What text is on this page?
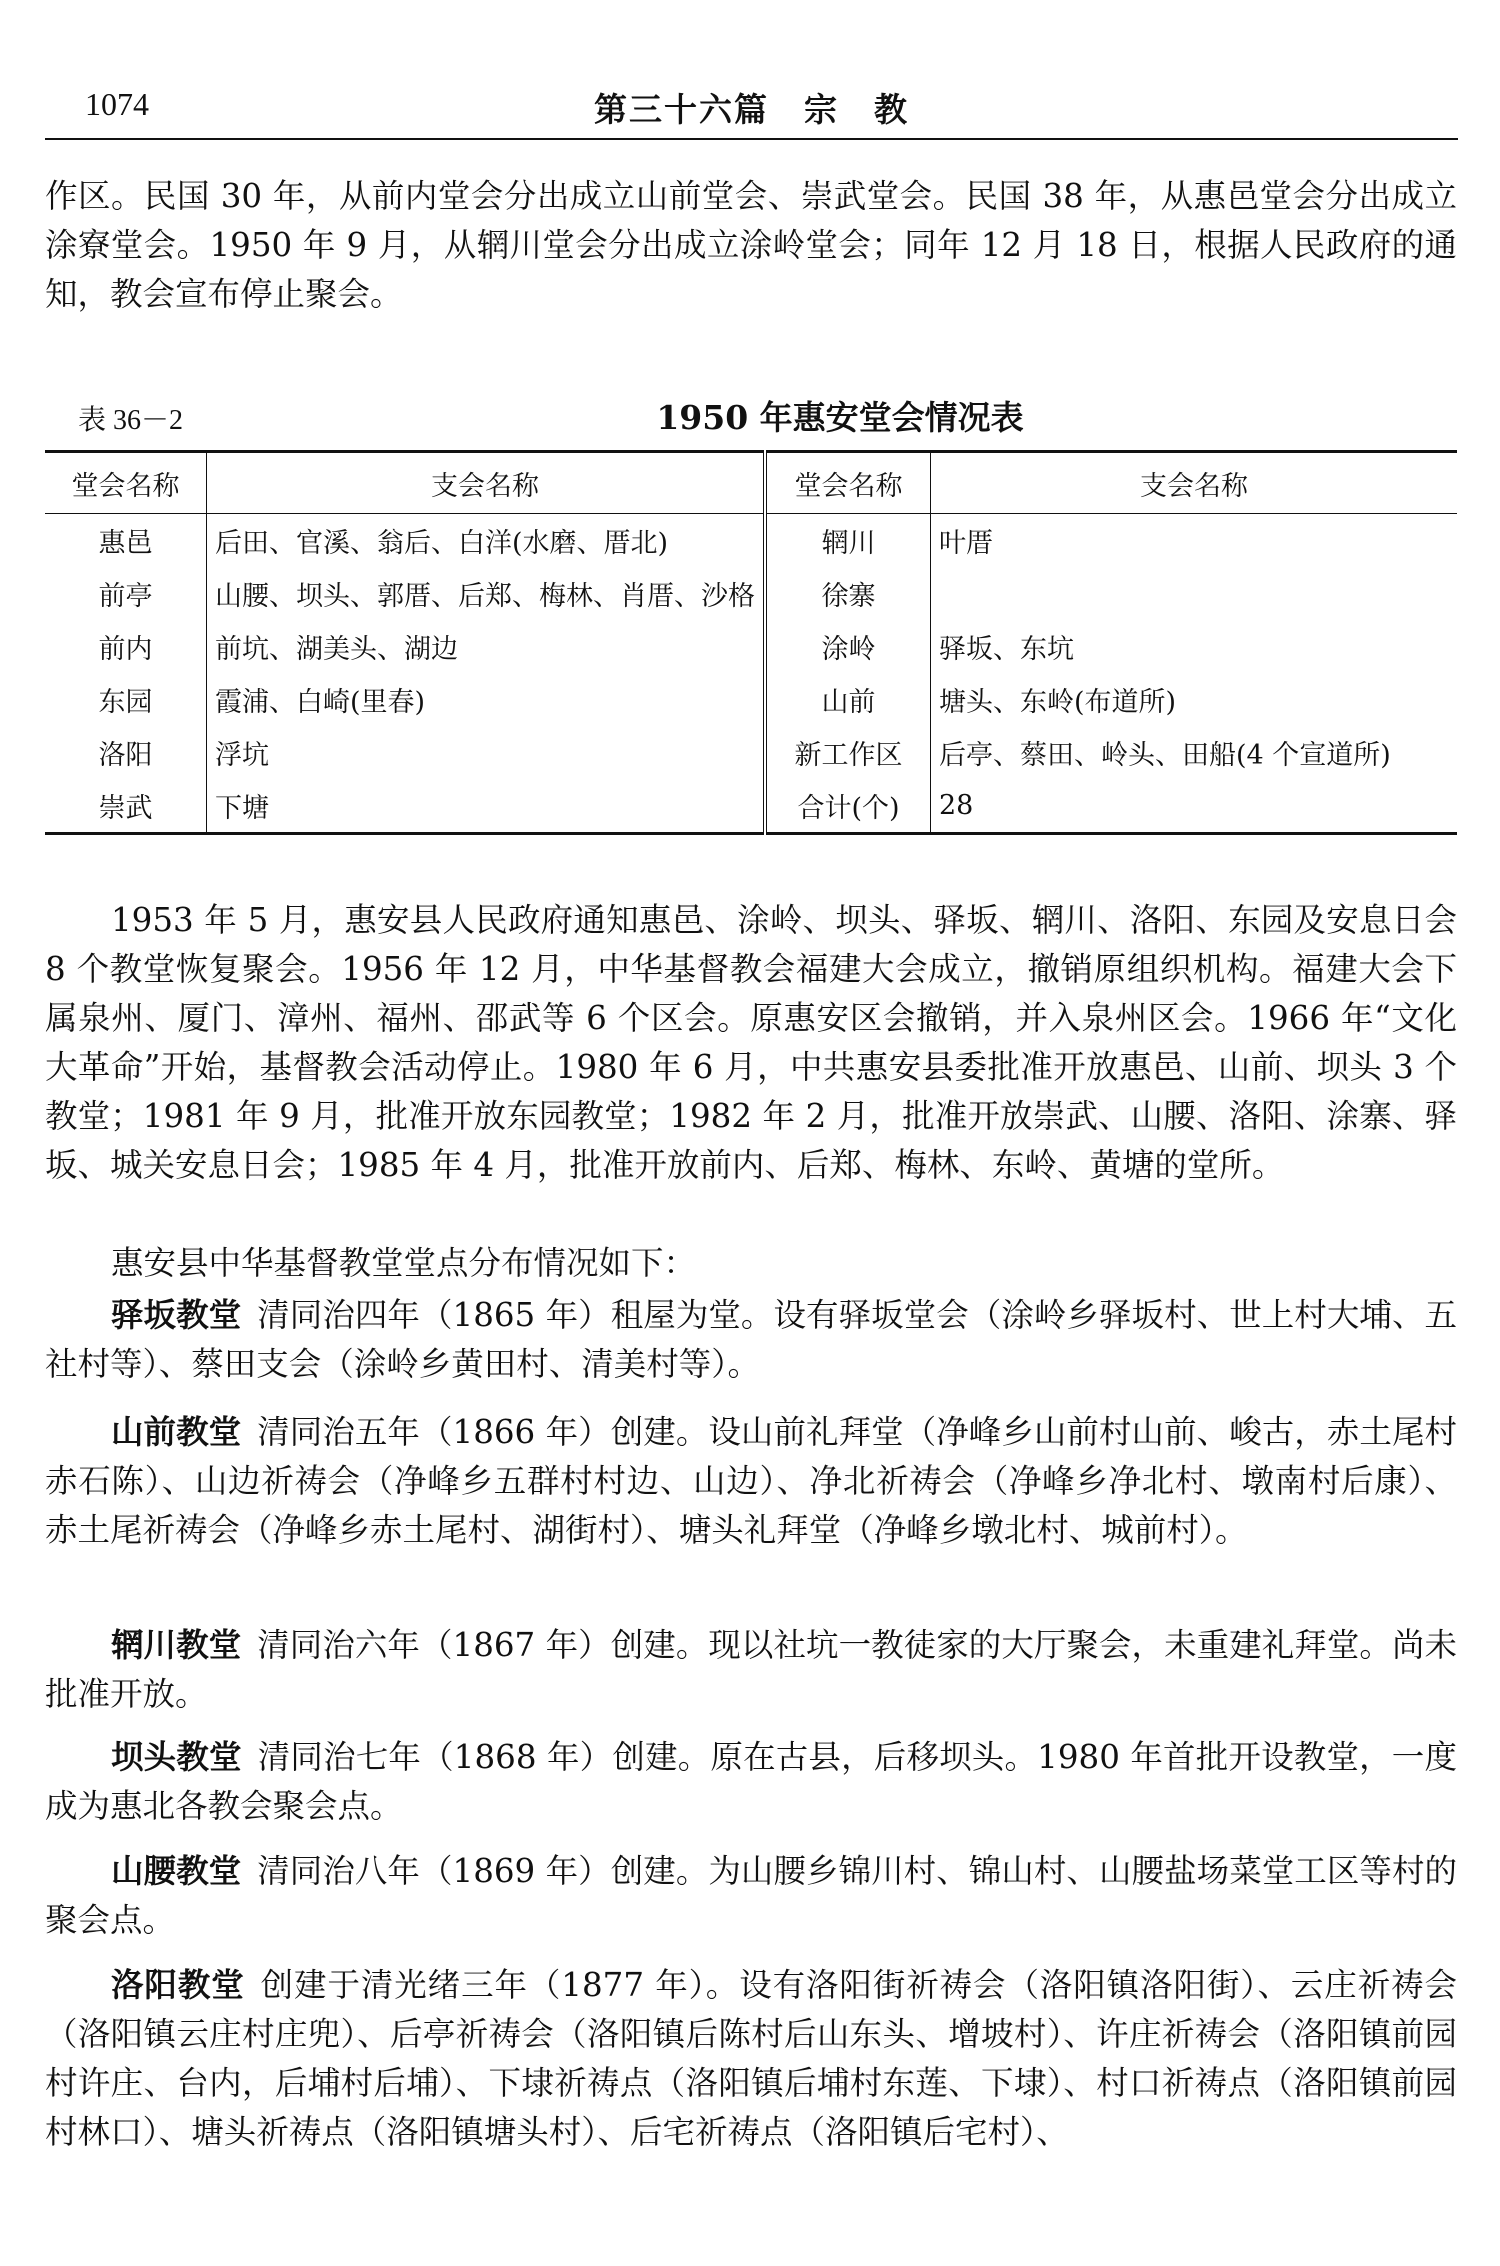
1074	第三十六篇　宗　教

作区。民国 30 年，从前内堂会分出成立山前堂会、崇武堂会。民国 38 年，从惠邑堂会分出成立涂寮堂会。1950 年 9 月，从辋川堂会分出成立涂岭堂会；同年 12 月 18 日，根据人民政府的通知，教会宣布停止聚会。

表 36－2	1950 年惠安堂会情况表
堂会名称	支会名称	堂会名称	支会名称
惠邑	后田、官溪、翁后、白洋(水磨、厝北)	辋川	叶厝
前亭	山腰、坝头、郭厝、后郑、梅林、肖厝、沙格	徐寨	
前内	前坑、湖美头、湖边	涂岭	驿坂、东坑
东园	霞浦、白崎(里春)	山前	塘头、东岭(布道所)
洛阳	浮坑	新工作区	后亭、蔡田、岭头、田船(4 个宣道所)
崇武	下塘	合计(个)	28

1953 年 5 月，惠安县人民政府通知惠邑、涂岭、坝头、驿坂、辋川、洛阳、东园及安息日会 8 个教堂恢复聚会。1956 年 12 月，中华基督教会福建大会成立，撤销原组织机构。福建大会下属泉州、厦门、漳州、福州、邵武等 6 个区会。原惠安区会撤销，并入泉州区会。1966 年“文化大革命”开始，基督教会活动停止。1980 年 6 月，中共惠安县委批准开放惠邑、山前、坝头 3 个教堂；1981 年 9 月，批准开放东园教堂；1982 年 2 月，批准开放崇武、山腰、洛阳、涂寨、驿坂、城关安息日会；1985 年 4 月，批准开放前内、后郑、梅林、东岭、黄塘的堂所。

惠安县中华基督教堂堂点分布情况如下：

驿坂教堂 清同治四年（1865 年）租屋为堂。设有驿坂堂会（涂岭乡驿坂村、世上村大埔、五社村等）、蔡田支会（涂岭乡黄田村、清美村等）。

山前教堂 清同治五年（1866 年）创建。设山前礼拜堂（净峰乡山前村山前、峻古，赤土尾村赤石陈）、山边祈祷会（净峰乡五群村村边、山边）、净北祈祷会（净峰乡净北村、墩南村后康）、赤土尾祈祷会（净峰乡赤土尾村、湖街村）、塘头礼拜堂（净峰乡墩北村、城前村）。

辋川教堂 清同治六年（1867 年）创建。现以社坑一教徒家的大厅聚会，未重建礼拜堂。尚未批准开放。

坝头教堂 清同治七年（1868 年）创建。原在古县，后移坝头。1980 年首批开设教堂，一度成为惠北各教会聚会点。

山腰教堂 清同治八年（1869 年）创建。为山腰乡锦川村、锦山村、山腰盐场菜堂工区等村的聚会点。

洛阳教堂 创建于清光绪三年（1877 年）。设有洛阳街祈祷会（洛阳镇洛阳街）、云庄祈祷会（洛阳镇云庄村庄兜）、后亭祈祷会（洛阳镇后陈村后山东头、增坡村）、许庄祈祷会（洛阳镇前园村许庄、台内，后埔村后埔）、下埭祈祷点（洛阳镇后埔村东莲、下埭）、村口祈祷点（洛阳镇前园村林口）、塘头祈祷点（洛阳镇塘头村）、后宅祈祷点（洛阳镇后宅村）、
